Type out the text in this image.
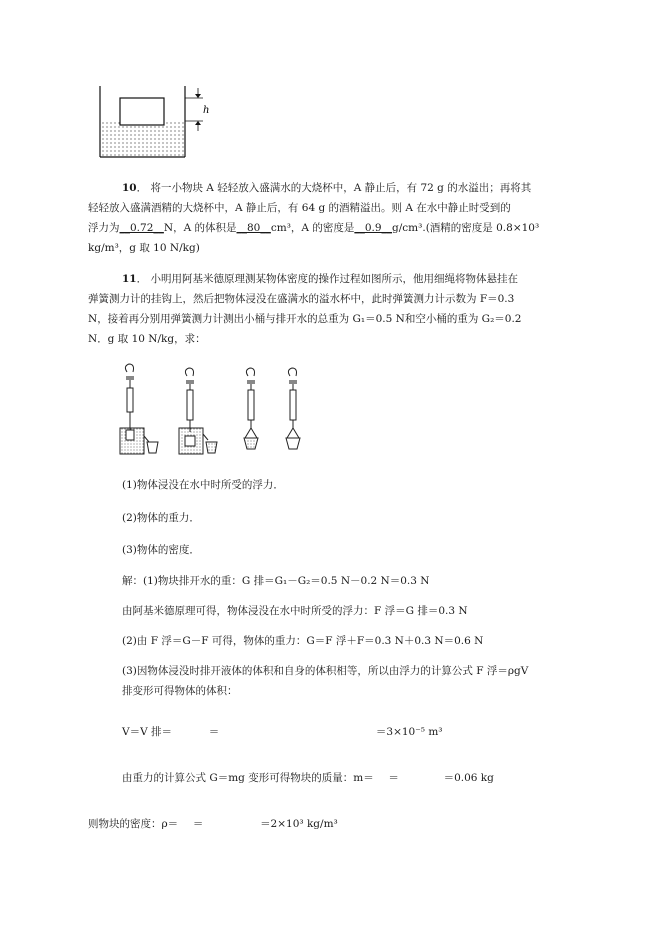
h
10． 将一小物块 A 轻轻放入盛满水的大烧杯中，A 静止后，有 72 g 的水溢出；再将其
轻轻放入盛满酒精的大烧杯中，A 静止后，有 64 g 的酒精溢出。则 A 在水中静止时受到的
浮力为__0.72__N，A 的体积是__80__cm³，A 的密度是__0.9__g/cm³.(酒精的密度是 0.8×10³
kg/m³，g 取 10 N/kg)
11． 小明用阿基米德原理测某物体密度的操作过程如图所示，他用细绳将物体悬挂在
弹簧测力计的挂钩上，然后把物体浸没在盛满水的溢水杯中，此时弹簧测力计示数为 F＝0.3
N，接着再分别用弹簧测力计测出小桶与排开水的总重为 G₁＝0.5 N和空小桶的重为 G₂＝0.2
N．g 取 10 N/kg，求：
(1)物体浸没在水中时所受的浮力．
(2)物体的重力．
(3)物体的密度．
解：(1)物块排开水的重：G 排＝G₁－G₂＝0.5 N－0.2 N＝0.3 N
由阿基米德原理可得，物体浸没在水中时所受的浮力：F 浮＝G 排＝0.3 N
(2)由 F 浮＝G－F 可得，物体的重力：G＝F 浮＋F＝0.3 N＋0.3 N＝0.6 N
(3)因物体浸没时排开液体的体积和自身的体积相等，所以由浮力的计算公式 F 浮＝ρgV
排变形可得物体的体积：
V＝V 排＝	＝	＝3×10⁻⁵ m³
由重力的计算公式 G＝mg 变形可得物块的质量：m＝ ＝	＝0.06 kg
则物块的密度：ρ＝ ＝	＝2×10³ kg/m³
